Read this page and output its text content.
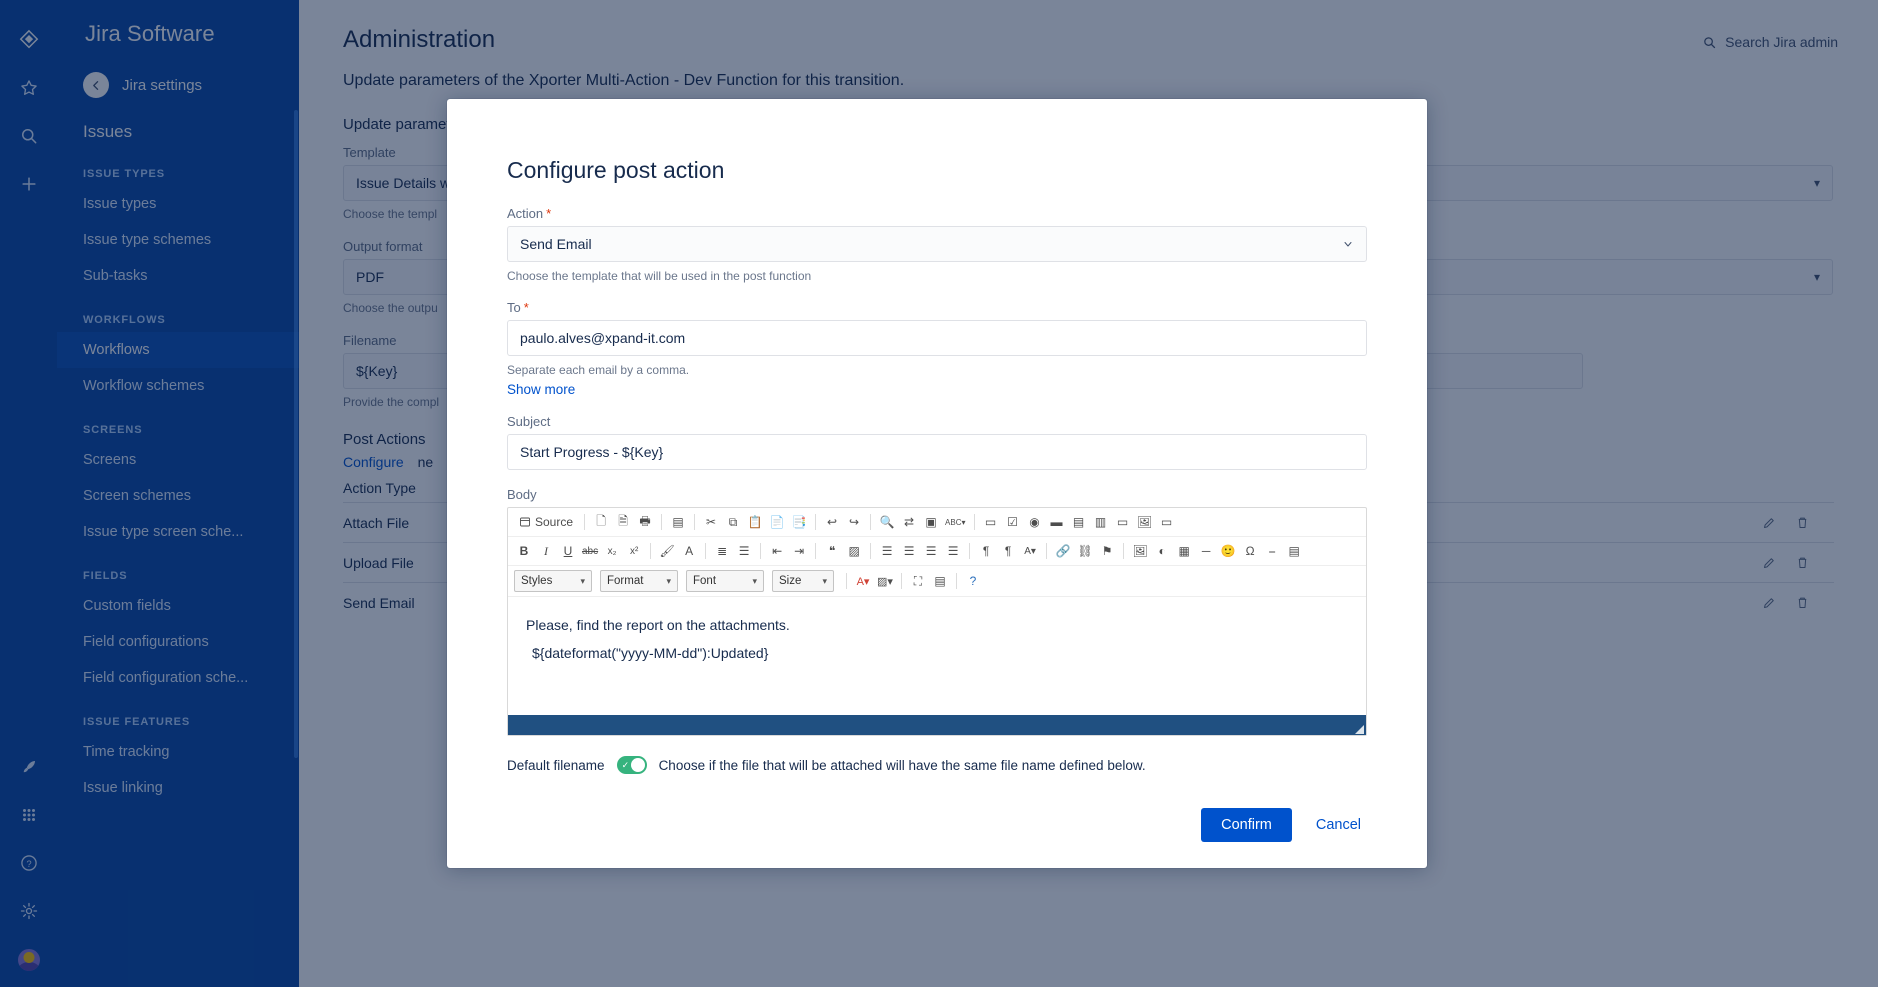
Configure post action
Action *
Send Email
Choose the template that will be used in the post function
To *
paulo.alves@xpand-it.com
Separate each email by a comma.
Show more
Subject
Start Progress - ${Key}
Body
Source	🗋	🗎 🖶	▤	✂	⧉ 📋 📄 📑	↩ ↪	🔍 ⇄ ▣	ABC▾	▭ ☑ ◉ ▬ ▤ ▥ ▭ 🖼 ▭
B	I	U abc x₂	x²	🖌 A	≣ ☰	⇤ ⇥	❝	▨	☰ ☰ ☰ ☰	¶	¶	A▾	🔗 ⛓ ⚑	🖼 ◐	▦	─ 🙂 Ω	⎯	▤
Styles	▾ Format	▾ Font	▾ Size ▾	A▾ ▨▾	⛶	▤	?
Please, find the report on the attachments.
${dateformat("yyyy-MM-dd"):Updated}
Default filename ✓ Choose if the file that will be attached will have the same file name defined below.
Confirm	Cancel
